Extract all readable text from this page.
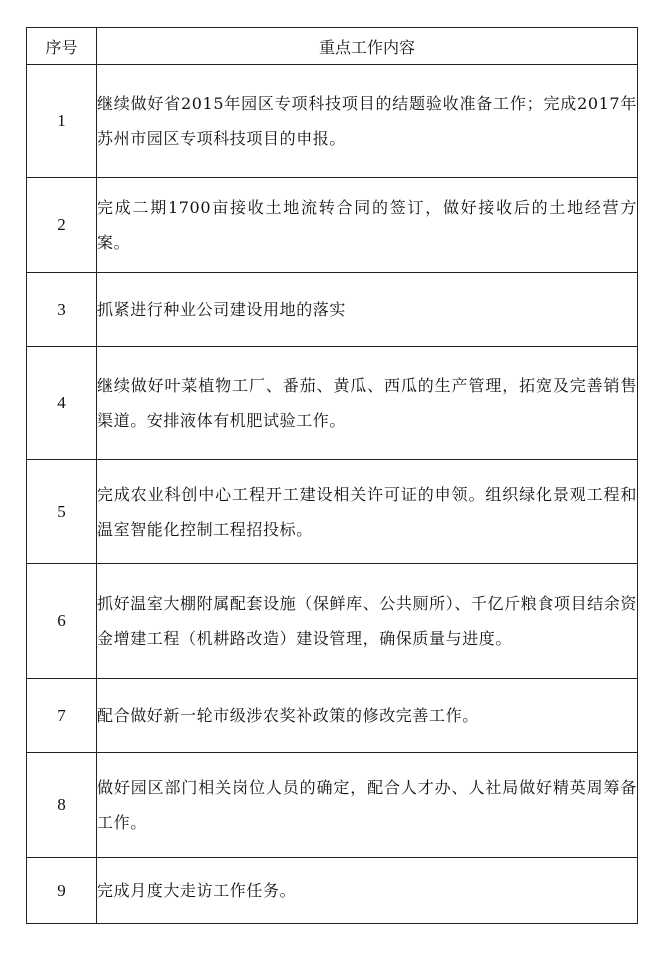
序号	重点工作内容
1	继续做好省2015年园区专项科技项目的结题验收准备工作；完成2017年苏州市园区专项科技项目的申报。
2	完成二期1700亩接收土地流转合同的签订，做好接收后的土地经营方案。
3	抓紧进行种业公司建设用地的落实
4	继续做好叶菜植物工厂、番茄、黄瓜、西瓜的生产管理，拓宽及完善销售渠道。安排液体有机肥试验工作。
5	完成农业科创中心工程开工建设相关许可证的申领。组织绿化景观工程和温室智能化控制工程招投标。
6	抓好温室大棚附属配套设施（保鲜库、公共厕所）、千亿斤粮食项目结余资金增建工程（机耕路改造）建设管理，确保质量与进度。
7	配合做好新一轮市级涉农奖补政策的修改完善工作。
8	做好园区部门相关岗位人员的确定，配合人才办、人社局做好精英周筹备工作。
9	完成月度大走访工作任务。
